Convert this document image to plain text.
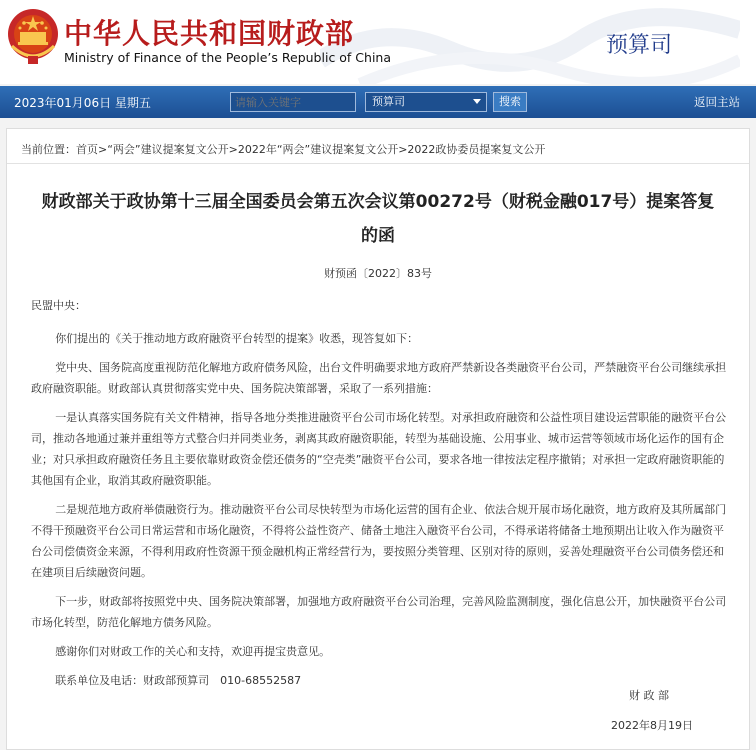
中华人民共和国财政部
Ministry of Finance of the People’s Republic of China	预算司
2023年01月06日 星期五
请输入关键字	预算司	搜索	返回主站
当前位置：首页>“两会”建议提案复文公开>2022年“两会”建议提案复文公开>2022政协委员提案复文公开
财政部关于政协第十三届全国委员会第五次会议第00272号（财税金融017号）提案答复的函
财预函〔2022〕83号

民盟中央：

你们提出的《关于推动地方政府融资平台转型的提案》收悉，现答复如下：

党中央、国务院高度重视防范化解地方政府债务风险，出台文件明确要求地方政府严禁新设各类融资平台公司，严禁融资平台公司继续承担政府融资职能。财政部认真贯彻落实党中央、国务院决策部署，采取了一系列措施：

一是认真落实国务院有关文件精神，指导各地分类推进融资平台公司市场化转型。对承担政府融资和公益性项目建设运营职能的融资平台公司，推动各地通过兼并重组等方式整合归并同类业务，剥离其政府融资职能，转型为基础设施、公用事业、城市运营等领域市场化运作的国有企业；对只承担政府融资任务且主要依靠财政资金偿还债务的“空壳类”融资平台公司，要求各地一律按法定程序撤销；对承担一定政府融资职能的其他国有企业，取消其政府融资职能。

二是规范地方政府举债融资行为。推动融资平台公司尽快转型为市场化运营的国有企业、依法合规开展市场化融资，地方政府及其所属部门不得干预融资平台公司日常运营和市场化融资，不得将公益性资产、储备土地注入融资平台公司，不得承诺将储备土地预期出让收入作为融资平台公司偿债资金来源，不得利用政府性资源干预金融机构正常经营行为，要按照分类管理、区别对待的原则，妥善处理融资平台公司债务偿还和在建项目后续融资问题。

下一步，财政部将按照党中央、国务院决策部署，加强地方政府融资平台公司治理，完善风险监测制度，强化信息公开，加快融资平台公司市场化转型，防范化解地方债务风险。

感谢你们对财政工作的关心和支持，欢迎再提宝贵意见。

联系单位及电话：财政部预算司　010-68552587

财 政 部
2022年8月19日
